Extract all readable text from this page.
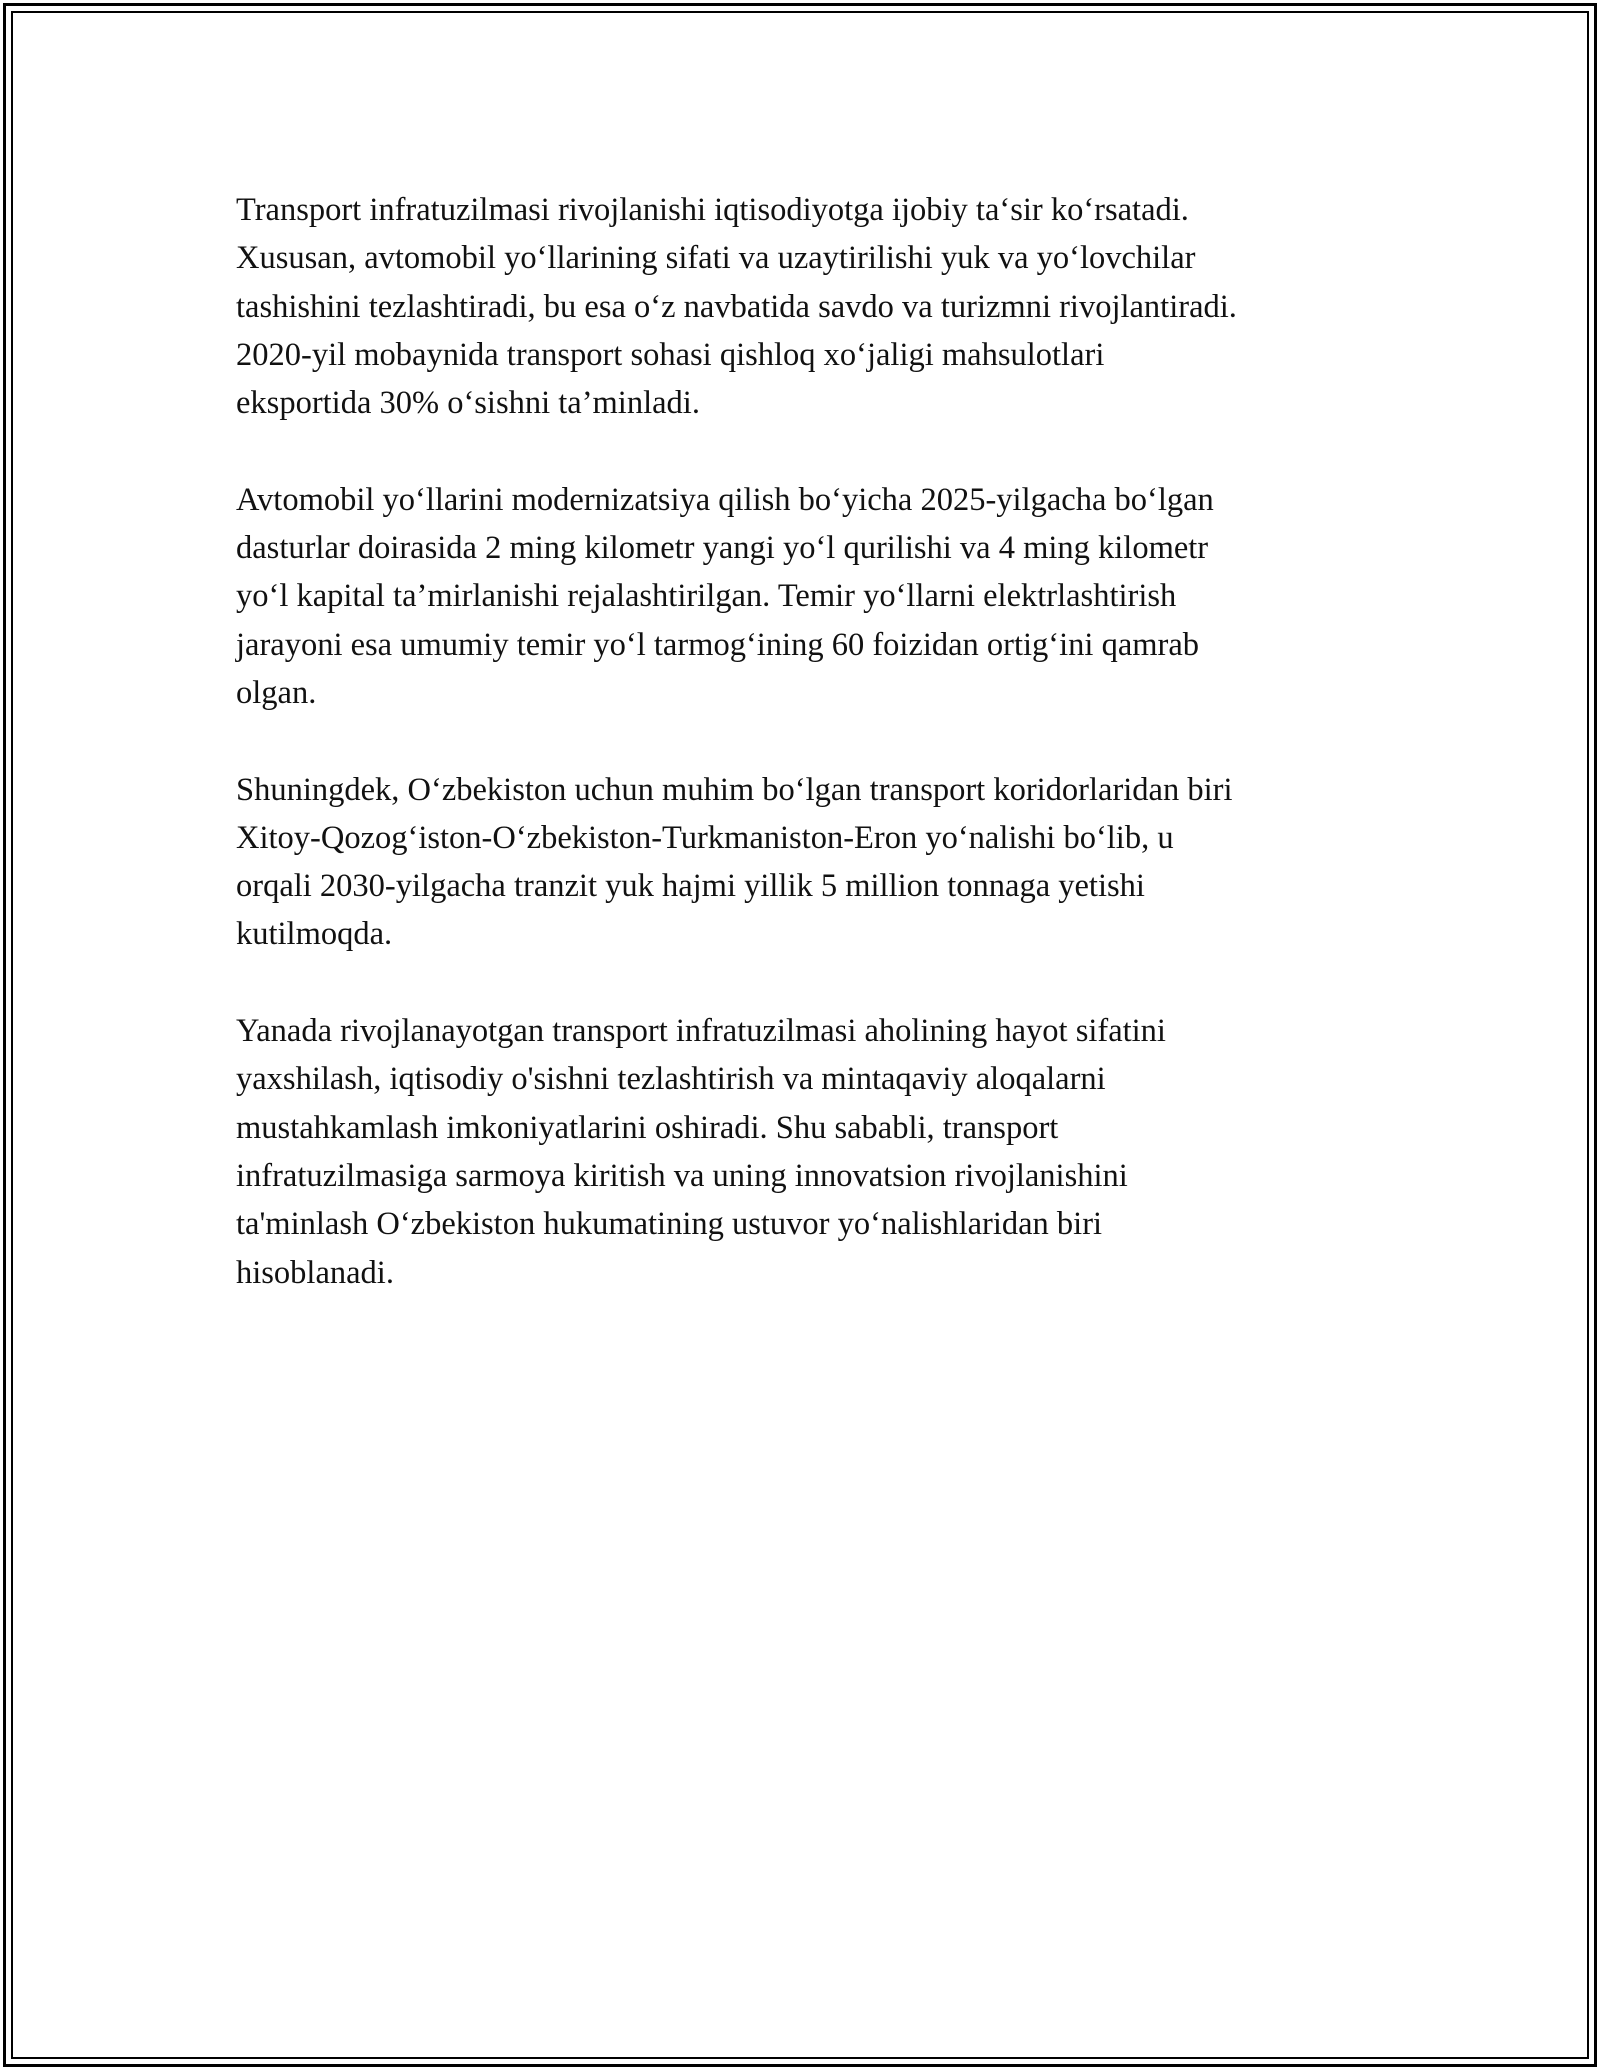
Transport infratuzilmasi rivojlanishi iqtisodiyotga ijobiy ta‘sir ko‘rsatadi.
Xususan, avtomobil yo‘llarining sifati va uzaytirilishi yuk va yo‘lovchilar
tashishini tezlashtiradi, bu esa o‘z navbatida savdo va turizmni rivojlantiradi.
2020-yil mobaynida transport sohasi qishloq xo‘jaligi mahsulotlari
eksportida 30% o‘sishni ta’minladi.

Avtomobil yo‘llarini modernizatsiya qilish bo‘yicha 2025-yilgacha bo‘lgan
dasturlar doirasida 2 ming kilometr yangi yo‘l qurilishi va 4 ming kilometr
yo‘l kapital ta’mirlanishi rejalashtirilgan. Temir yo‘llarni elektrlashtirish
jarayoni esa umumiy temir yo‘l tarmog‘ining 60 foizidan ortig‘ini qamrab
olgan.

Shuningdek, O‘zbekiston uchun muhim bo‘lgan transport koridorlaridan biri
Xitoy-Qozog‘iston-O‘zbekiston-Turkmaniston-Eron yo‘nalishi bo‘lib, u
orqali 2030-yilgacha tranzit yuk hajmi yillik 5 million tonnaga yetishi
kutilmoqda.

Yanada rivojlanayotgan transport infratuzilmasi aholining hayot sifatini
yaxshilash, iqtisodiy o'sishni tezlashtirish va mintaqaviy aloqalarni
mustahkamlash imkoniyatlarini oshiradi. Shu sababli, transport
infratuzilmasiga sarmoya kiritish va uning innovatsion rivojlanishini
ta'minlash O‘zbekiston hukumatining ustuvor yo‘nalishlaridan biri
hisoblanadi.
